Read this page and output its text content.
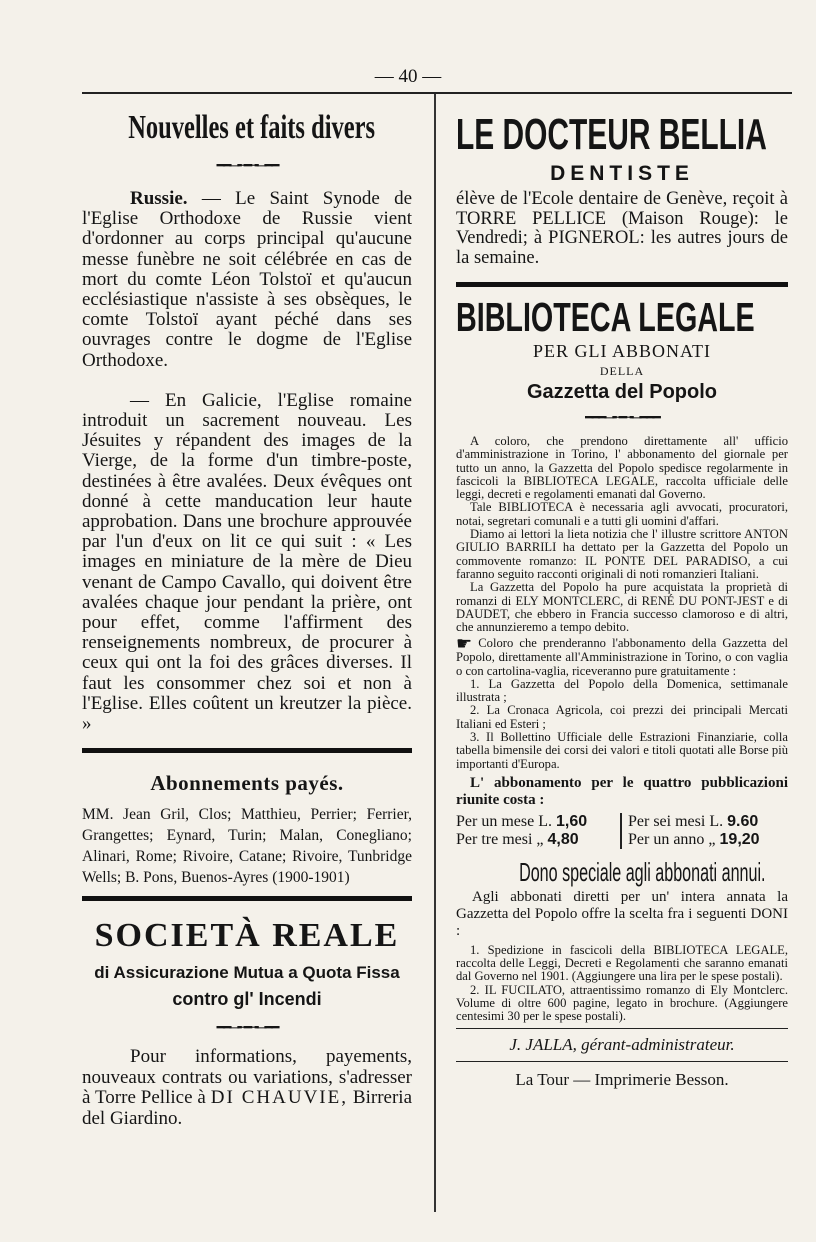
— 40 —
Nouvelles et faits divers
━━─╾━╼─━━

Russie. — Le Saint Synode de l'Eglise Orthodoxe de Russie vient d'ordonner au corps principal qu'aucune messe funèbre ne soit célébrée en cas de mort du comte Léon Tolstoï et qu'aucun ecclésiastique n'assiste à ses obsèques, le comte Tolstoï ayant péché dans ses ouvrages contre le dogme de l'Eglise Orthodoxe.

— En Galicie, l'Eglise romaine introduit un sacrement nouveau. Les Jésuites y répandent des images de la Vierge, de la forme d'un timbre-poste, destinées à être avalées. Deux évêques ont donné à cette manducation leur haute approbation. Dans une brochure approuvée par l'un d'eux on lit ce qui suit : « Les images en miniature de la mère de Dieu venant de Campo Cavallo, qui doivent être avalées chaque jour pendant la prière, ont pour effet, comme l'affirment des renseignements nombreux, de procurer à ceux qui ont la foi des grâces diverses. Il faut les consommer chez soi et non à l'Eglise. Elles coûtent un kreutzer la pièce. »

Abonnements payés.
MM. Jean Gril, Clos; Matthieu, Perrier; Ferrier, Grangettes; Eynard, Turin; Malan, Conegliano; Alinari, Rome; Rivoire, Catane; Rivoire, Tunbridge Wells; B. Pons, Buenos-Ayres (1900-1901)
SOCIETÀ REALE
di Assicurazione Mutua a Quota Fissa
contro gl' Incendi
━━─╾━╼─━━

Pour informations, payements, nouveaux contrats ou variations, s'adresser à Torre Pellice à DI CHAUVIE, Birreria del Giardino.

LE DOCTEUR BELLIA
DENTISTE
élève de l'Ecole dentaire de Genève, reçoit à TORRE PELLICE (Maison Rouge): le Vendredi; à PIGNEROL: les autres jours de la semaine.
BIBLIOTECA LEGALE
PER GLI ABBONATI
DELLA
Gazzetta del Popolo
━━━─╾━╼─━━━

A coloro, che prendono direttamente all' ufficio d'amministrazione in Torino, l' abbonamento del giornale per tutto un anno, la Gazzetta del Popolo spedisce regolarmente in fascicoli la BIBLIOTECA LEGALE, raccolta ufficiale delle leggi, decreti e regolamenti emanati dal Governo.

Tale BIBLIOTECA è necessaria agli avvocati, procuratori, notai, segretari comunali e a tutti gli uomini d'affari.

Diamo ai lettori la lieta notizia che l' illustre scrittore ANTON GIULIO BARRILI ha dettato per la Gazzetta del Popolo un commovente romanzo: IL PONTE DEL PARADISO, a cui faranno seguito racconti originali di noti romanzieri Italiani.

La Gazzetta del Popolo ha pure acquistata la proprietà di romanzi di ELY MONTCLERC, di RENÉ DU PONT-JEST e di DAUDET, che ebbero in Francia successo clamoroso e di altri, che annunzieremo a tempo debito.

☛ Coloro che prenderanno l'abbonamento della Gazzetta del Popolo, direttamente all'Amministrazione in Torino, o con vaglia o con cartolina-vaglia, riceveranno pure gratuitamente :

1. La Gazzetta del Popolo della Domenica, settimanale illustrata ;

2. La Cronaca Agricola, coi prezzi dei principali Mercati Italiani ed Esteri ;

3. Il Bollettino Ufficiale delle Estrazioni Finanziarie, colla tabella bimensile dei corsi dei valori e titoli quotati alle Borse più importanti d'Europa.

L' abbonamento per le quattro pubblicazioni riunite costa :
Per un mese L. 1,60
Per tre mesi „ 4,80
Per sei mesi L. 9.60
Per un anno „ 19,20
Dono speciale agli abbonati annui.
Agli abbonati diretti per un' intera annata la Gazzetta del Popolo offre la scelta fra i seguenti DONI :

1. Spedizione in fascicoli della BIBLIOTECA LEGALE, raccolta delle Leggi, Decreti e Regolamenti che saranno emanati dal Governo nel 1901. (Aggiungere una lira per le spese postali).

2. IL FUCILATO, attraentissimo romanzo di Ely Montclerc. Volume di oltre 600 pagine, legato in brochure. (Aggiungere centesimi 30 per le spese postali).

J. JALLA, gérant-administrateur.
La Tour — Imprimerie Besson.
